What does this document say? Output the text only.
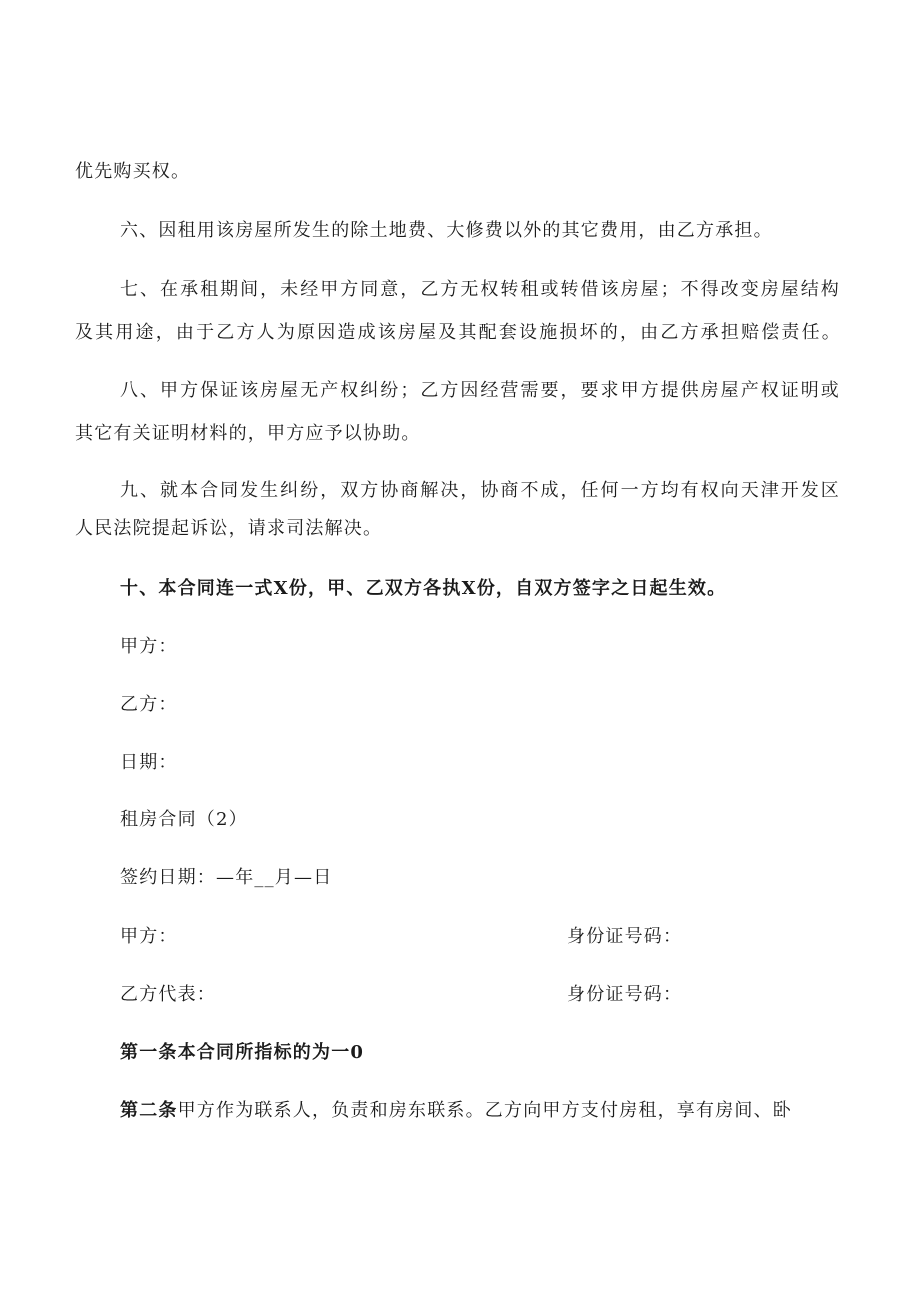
优先购买权。
六、因租用该房屋所发生的除土地费、大修费以外的其它费用，由乙方承担。
七、在承租期间，未经甲方同意，乙方无权转租或转借该房屋；不得改变房屋结构
及其用途，由于乙方人为原因造成该房屋及其配套设施损坏的，由乙方承担赔偿责任。
八、甲方保证该房屋无产权纠纷；乙方因经营需要，要求甲方提供房屋产权证明或
其它有关证明材料的，甲方应予以协助。
九、就本合同发生纠纷，双方协商解决，协商不成，任何一方均有权向天津开发区
人民法院提起诉讼，请求司法解决。
十、本合同连一式X份，甲、乙双方各执X份，自双方签字之日起生效。
甲方：
乙方：
日期：
租房合同（2）
签约日期：—年__月—日
甲方：	身份证号码：
乙方代表：	身份证号码：
第一条本合同所指标的为一0
第二条甲方作为联系人，负责和房东联系。乙方向甲方支付房租，享有房间、卧
